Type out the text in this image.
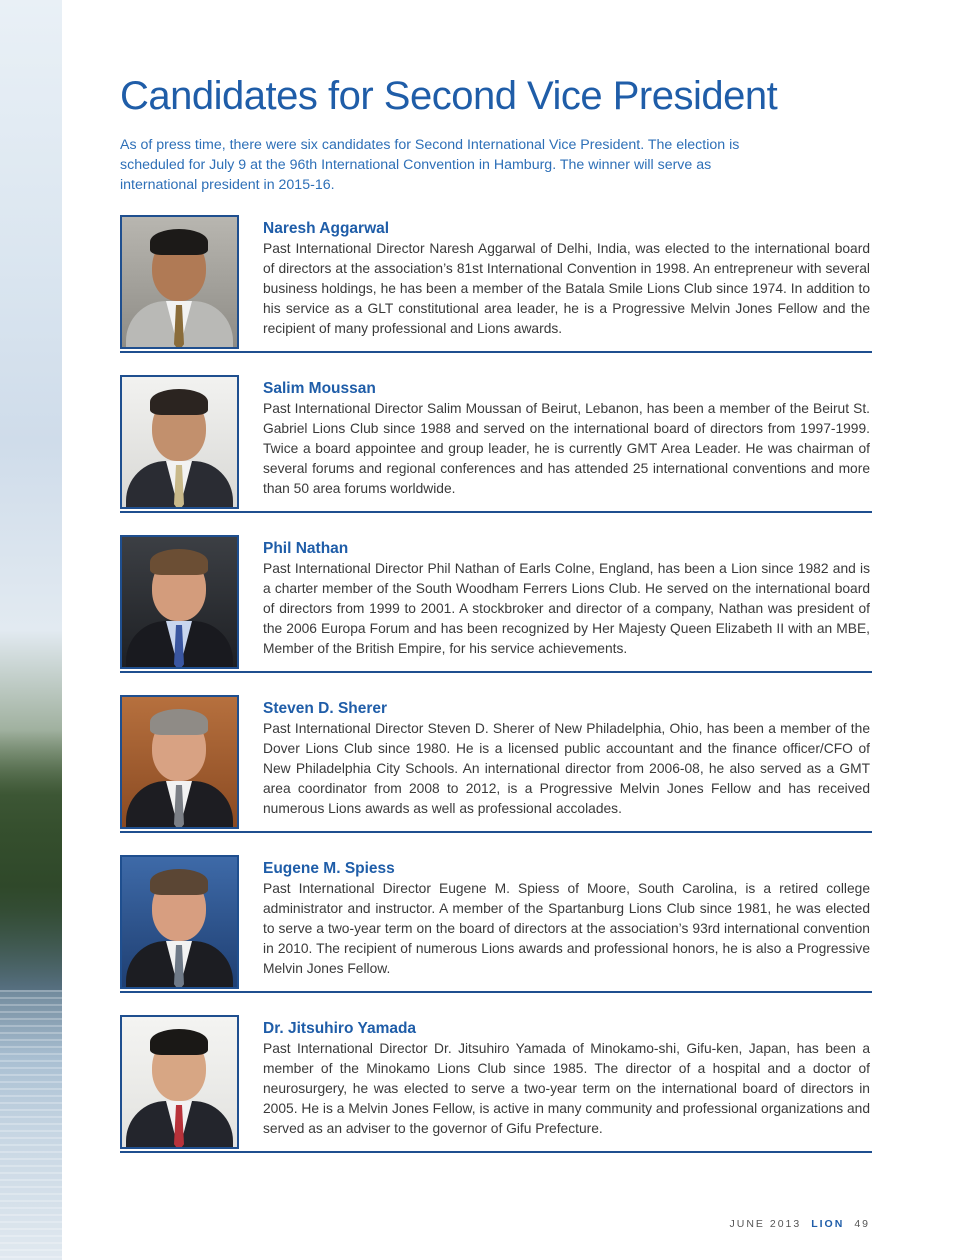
Candidates for Second Vice President

As of press time, there were six candidates for Second International Vice President. The election is scheduled for July 9 at the 96th International Convention in Hamburg. The winner will serve as international president in 2015-16.

Naresh Aggarwal

Past International Director Naresh Aggarwal of Delhi, India, was elected to the international board of directors at the association’s 81st International Convention in 1998. An entrepreneur with several business holdings, he has been a member of the Batala Smile Lions Club since 1974. In addition to his service as a GLT constitutional area leader, he is a Progressive Melvin Jones Fellow and the recipient of many professional and Lions awards.

Salim Moussan

Past International Director Salim Moussan of Beirut, Lebanon, has been a member of the Beirut St. Gabriel Lions Club since 1988 and served on the international board of directors from 1997-1999. Twice a board appointee and group leader, he is currently GMT Area Leader. He was chairman of several forums and regional conferences and has attended 25 international conventions and more than 50 area forums worldwide.

Phil Nathan

Past International Director Phil Nathan of Earls Colne, England, has been a Lion since 1982 and is a charter member of the South Woodham Ferrers Lions Club. He served on the international board of directors from 1999 to 2001. A stockbroker and director of a company, Nathan was president of the 2006 Europa Forum and has been recognized by Her Majesty Queen Elizabeth II with an MBE, Member of the British Empire, for his service achievements.

Steven D. Sherer

Past International Director Steven D. Sherer of New Philadelphia, Ohio, has been a member of the Dover Lions Club since 1980. He is a licensed public accountant and the finance officer/CFO of New Philadelphia City Schools. An international director from 2006-08, he also served as a GMT area coordinator from 2008 to 2012, is a Progressive Melvin Jones Fellow and has received numerous Lions awards as well as professional accolades.

Eugene M. Spiess

Past International Director Eugene M. Spiess of Moore, South Carolina, is a retired college administrator and instructor. A member of the Spartanburg Lions Club since 1981, he was elected to serve a two-year term on the board of directors at the association’s 93rd international convention in 2010. The recipient of numerous Lions awards and professional honors, he is also a Progressive Melvin Jones Fellow.

Dr. Jitsuhiro Yamada

Past International Director Dr. Jitsuhiro Yamada of Minokamo-shi, Gifu-ken, Japan, has been a member of the Minokamo Lions Club since 1985. The director of a hospital and a doctor of neurosurgery, he was elected to serve a two-year term on the international board of directors in 2005. He is a Melvin Jones Fellow, is active in many community and professional organizations and served as an adviser to the governor of Gifu Prefecture.

JUNE 2013 LION 49
